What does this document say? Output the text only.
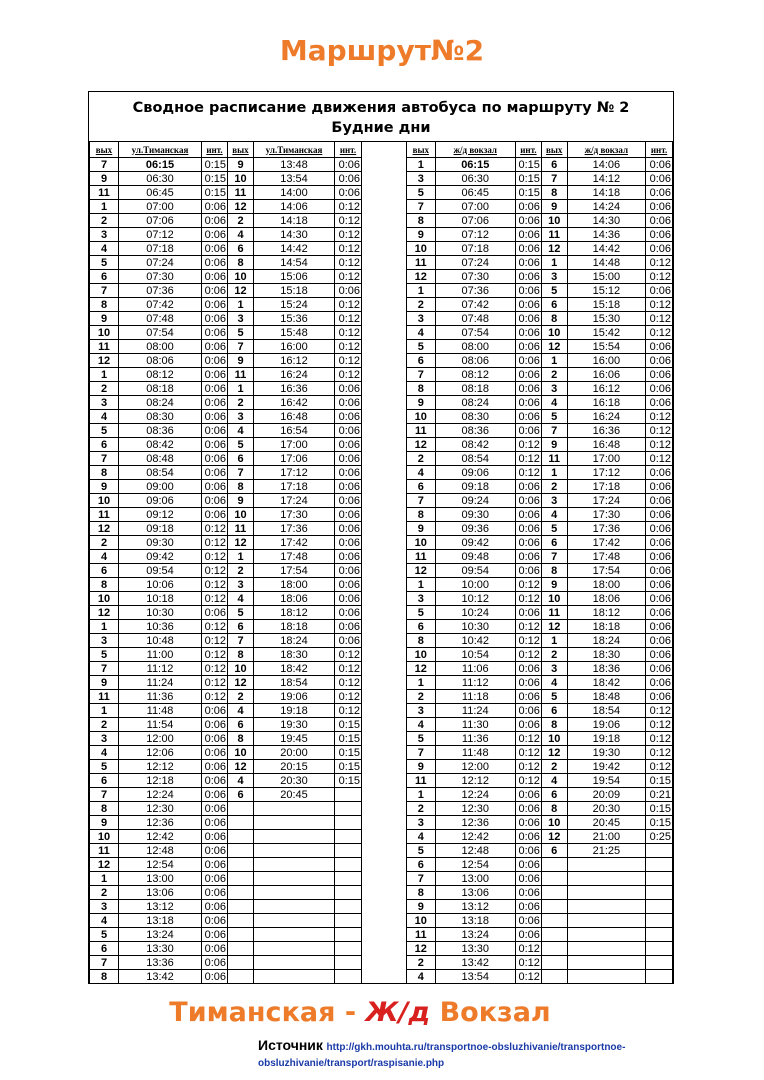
Маршрут№2
Сводное расписание движения автобуса по маршруту № 2
Будние дни
вых	ул.Тиманская	инт.	вых	ул.Тиманская	инт.
7	06:15	0:15	9	13:48	0:06
9	06:30	0:15	10	13:54	0:06
11	06:45	0:15	11	14:00	0:06
1	07:00	0:06	12	14:06	0:12
2	07:06	0:06	2	14:18	0:12
3	07:12	0:06	4	14:30	0:12
4	07:18	0:06	6	14:42	0:12
5	07:24	0:06	8	14:54	0:12
6	07:30	0:06	10	15:06	0:12
7	07:36	0:06	12	15:18	0:06
8	07:42	0:06	1	15:24	0:12
9	07:48	0:06	3	15:36	0:12
10	07:54	0:06	5	15:48	0:12
11	08:00	0:06	7	16:00	0:12
12	08:06	0:06	9	16:12	0:12
1	08:12	0:06	11	16:24	0:12
2	08:18	0:06	1	16:36	0:06
3	08:24	0:06	2	16:42	0:06
4	08:30	0:06	3	16:48	0:06
5	08:36	0:06	4	16:54	0:06
6	08:42	0:06	5	17:00	0:06
7	08:48	0:06	6	17:06	0:06
8	08:54	0:06	7	17:12	0:06
9	09:00	0:06	8	17:18	0:06
10	09:06	0:06	9	17:24	0:06
11	09:12	0:06	10	17:30	0:06
12	09:18	0:12	11	17:36	0:06
2	09:30	0:12	12	17:42	0:06
4	09:42	0:12	1	17:48	0:06
6	09:54	0:12	2	17:54	0:06
8	10:06	0:12	3	18:00	0:06
10	10:18	0:12	4	18:06	0:06
12	10:30	0:06	5	18:12	0:06
1	10:36	0:12	6	18:18	0:06
3	10:48	0:12	7	18:24	0:06
5	11:00	0:12	8	18:30	0:12
7	11:12	0:12	10	18:42	0:12
9	11:24	0:12	12	18:54	0:12
11	11:36	0:12	2	19:06	0:12
1	11:48	0:06	4	19:18	0:12
2	11:54	0:06	6	19:30	0:15
3	12:00	0:06	8	19:45	0:15
4	12:06	0:06	10	20:00	0:15
5	12:12	0:06	12	20:15	0:15
6	12:18	0:06	4	20:30	0:15
7	12:24	0:06	6	20:45	
8	12:30	0:06			
9	12:36	0:06			
10	12:42	0:06			
11	12:48	0:06			
12	12:54	0:06			
1	13:00	0:06			
2	13:06	0:06			
3	13:12	0:06			
4	13:18	0:06			
5	13:24	0:06			
6	13:30	0:06			
7	13:36	0:06			
8	13:42	0:06			
вых	ж/д вокзал	инт.	вых	ж/д вокзал	инт.
1	06:15	0:15	6	14:06	0:06
3	06:30	0:15	7	14:12	0:06
5	06:45	0:15	8	14:18	0:06
7	07:00	0:06	9	14:24	0:06
8	07:06	0:06	10	14:30	0:06
9	07:12	0:06	11	14:36	0:06
10	07:18	0:06	12	14:42	0:06
11	07:24	0:06	1	14:48	0:12
12	07:30	0:06	3	15:00	0:12
1	07:36	0:06	5	15:12	0:06
2	07:42	0:06	6	15:18	0:12
3	07:48	0:06	8	15:30	0:12
4	07:54	0:06	10	15:42	0:12
5	08:00	0:06	12	15:54	0:06
6	08:06	0:06	1	16:00	0:06
7	08:12	0:06	2	16:06	0:06
8	08:18	0:06	3	16:12	0:06
9	08:24	0:06	4	16:18	0:06
10	08:30	0:06	5	16:24	0:12
11	08:36	0:06	7	16:36	0:12
12	08:42	0:12	9	16:48	0:12
2	08:54	0:12	11	17:00	0:12
4	09:06	0:12	1	17:12	0:06
6	09:18	0:06	2	17:18	0:06
7	09:24	0:06	3	17:24	0:06
8	09:30	0:06	4	17:30	0:06
9	09:36	0:06	5	17:36	0:06
10	09:42	0:06	6	17:42	0:06
11	09:48	0:06	7	17:48	0:06
12	09:54	0:06	8	17:54	0:06
1	10:00	0:12	9	18:00	0:06
3	10:12	0:12	10	18:06	0:06
5	10:24	0:06	11	18:12	0:06
6	10:30	0:12	12	18:18	0:06
8	10:42	0:12	1	18:24	0:06
10	10:54	0:12	2	18:30	0:06
12	11:06	0:06	3	18:36	0:06
1	11:12	0:06	4	18:42	0:06
2	11:18	0:06	5	18:48	0:06
3	11:24	0:06	6	18:54	0:12
4	11:30	0:06	8	19:06	0:12
5	11:36	0:12	10	19:18	0:12
7	11:48	0:12	12	19:30	0:12
9	12:00	0:12	2	19:42	0:12
11	12:12	0:12	4	19:54	0:15
1	12:24	0:06	6	20:09	0:21
2	12:30	0:06	8	20:30	0:15
3	12:36	0:06	10	20:45	0:15
4	12:42	0:06	12	21:00	0:25
5	12:48	0:06	6	21:25	
6	12:54	0:06			
7	13:00	0:06			
8	13:06	0:06			
9	13:12	0:06			
10	13:18	0:06			
11	13:24	0:06			
12	13:30	0:12			
2	13:42	0:12			
4	13:54	0:12			
Тиманская - Ж/д Вокзал
Источник http://gkh.mouhta.ru/transportnoe-obsluzhivanie/transportnoe-obsluzhivanie/transport/raspisanie.php
